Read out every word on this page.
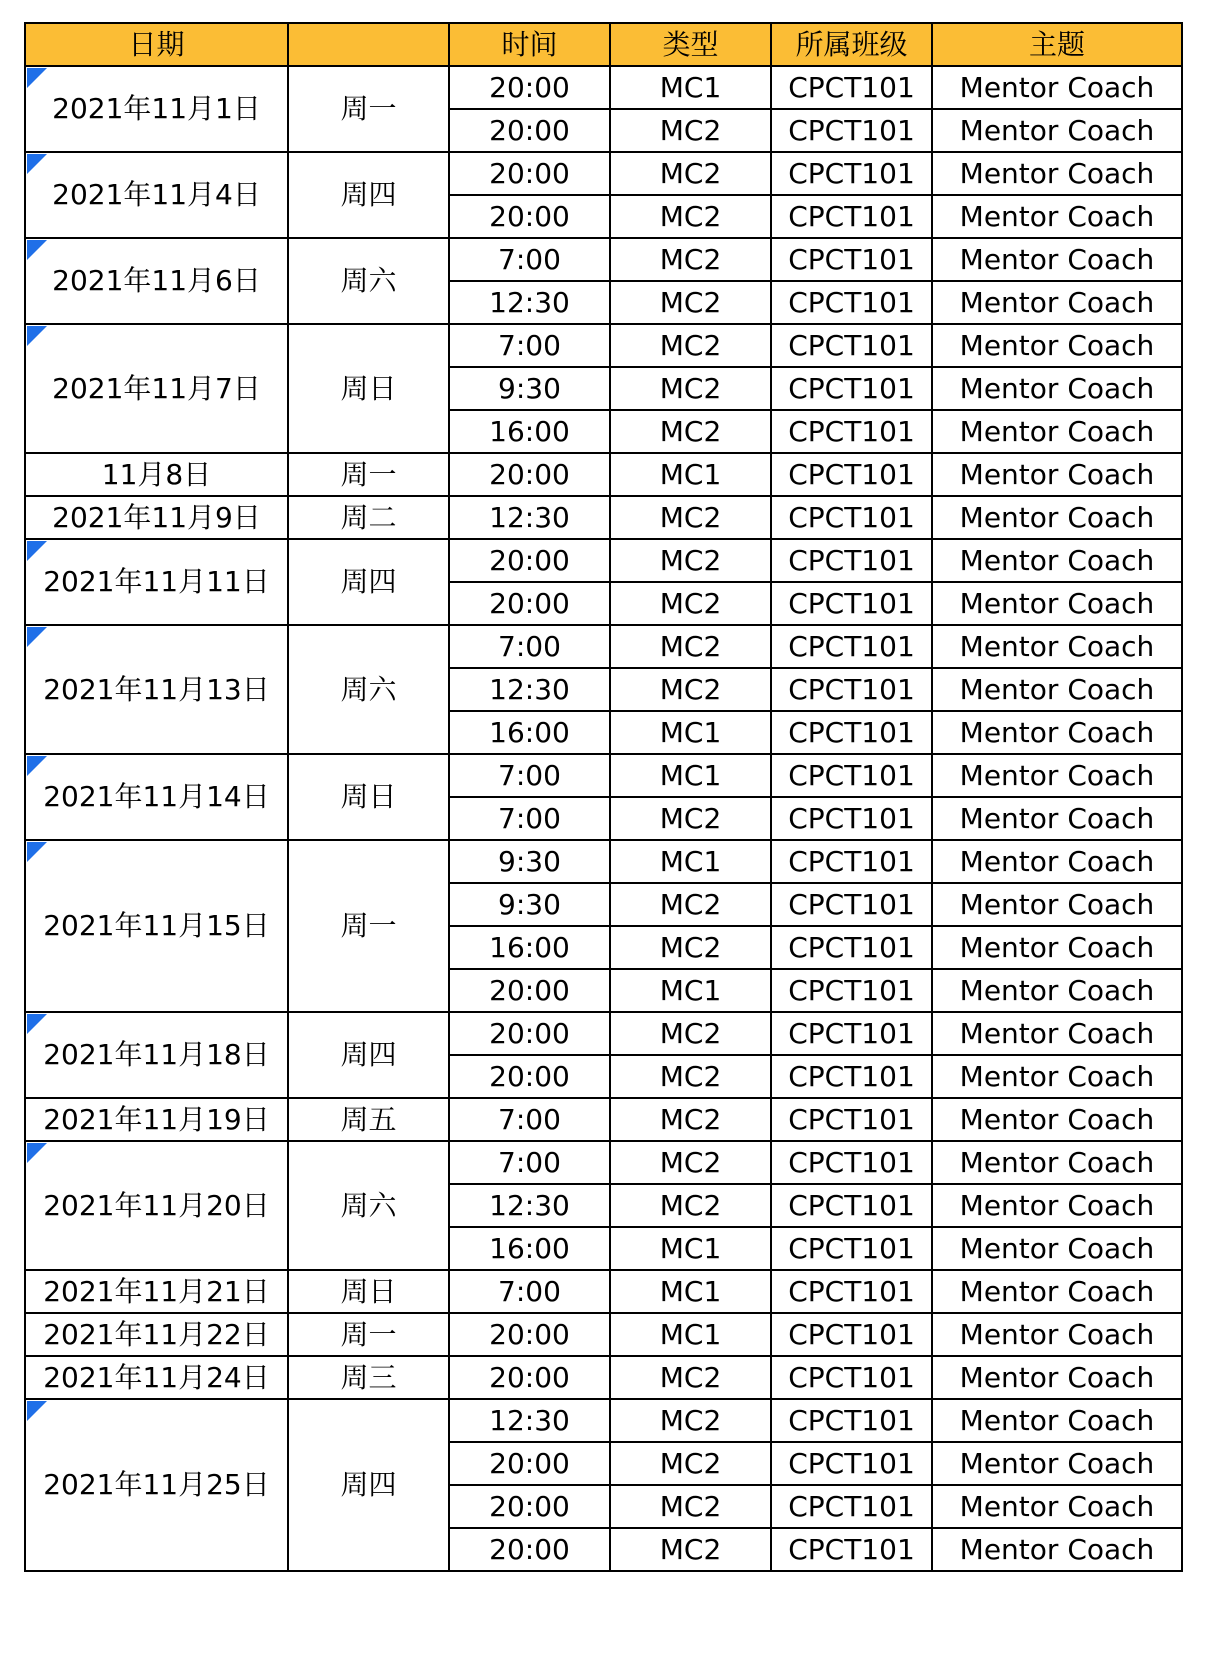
日期		时间	类型	所属班级	主题

2021年11月1日	周一	20:00	MC1	CPCT101	Mentor Coach
		20:00	MC2	CPCT101	Mentor Coach

2021年11月4日	周四	20:00	MC2	CPCT101	Mentor Coach
		20:00	MC2	CPCT101	Mentor Coach

2021年11月6日	周六	7:00	MC2	CPCT101	Mentor Coach
		12:30	MC2	CPCT101	Mentor Coach

2021年11月7日	周日	7:00	MC2	CPCT101	Mentor Coach
		9:30	MC2	CPCT101	Mentor Coach
		16:00	MC2	CPCT101	Mentor Coach
11月8日	周一	20:00	MC1	CPCT101	Mentor Coach
2021年11月9日	周二	12:30	MC2	CPCT101	Mentor Coach

2021年11月11日	周四	20:00	MC2	CPCT101	Mentor Coach
		20:00	MC2	CPCT101	Mentor Coach

2021年11月13日	周六	7:00	MC2	CPCT101	Mentor Coach
		12:30	MC2	CPCT101	Mentor Coach
		16:00	MC1	CPCT101	Mentor Coach

2021年11月14日	周日	7:00	MC1	CPCT101	Mentor Coach
		7:00	MC2	CPCT101	Mentor Coach

2021年11月15日	周一	9:30	MC1	CPCT101	Mentor Coach
		9:30	MC2	CPCT101	Mentor Coach
		16:00	MC2	CPCT101	Mentor Coach
		20:00	MC1	CPCT101	Mentor Coach

2021年11月18日	周四	20:00	MC2	CPCT101	Mentor Coach
		20:00	MC2	CPCT101	Mentor Coach
2021年11月19日	周五	7:00	MC2	CPCT101	Mentor Coach

2021年11月20日	周六	7:00	MC2	CPCT101	Mentor Coach
		12:30	MC2	CPCT101	Mentor Coach
		16:00	MC1	CPCT101	Mentor Coach
2021年11月21日	周日	7:00	MC1	CPCT101	Mentor Coach
2021年11月22日	周一	20:00	MC1	CPCT101	Mentor Coach
2021年11月24日	周三	20:00	MC2	CPCT101	Mentor Coach

2021年11月25日	周四	12:30	MC2	CPCT101	Mentor Coach
		20:00	MC2	CPCT101	Mentor Coach
		20:00	MC2	CPCT101	Mentor Coach
		20:00	MC2	CPCT101	Mentor Coach
